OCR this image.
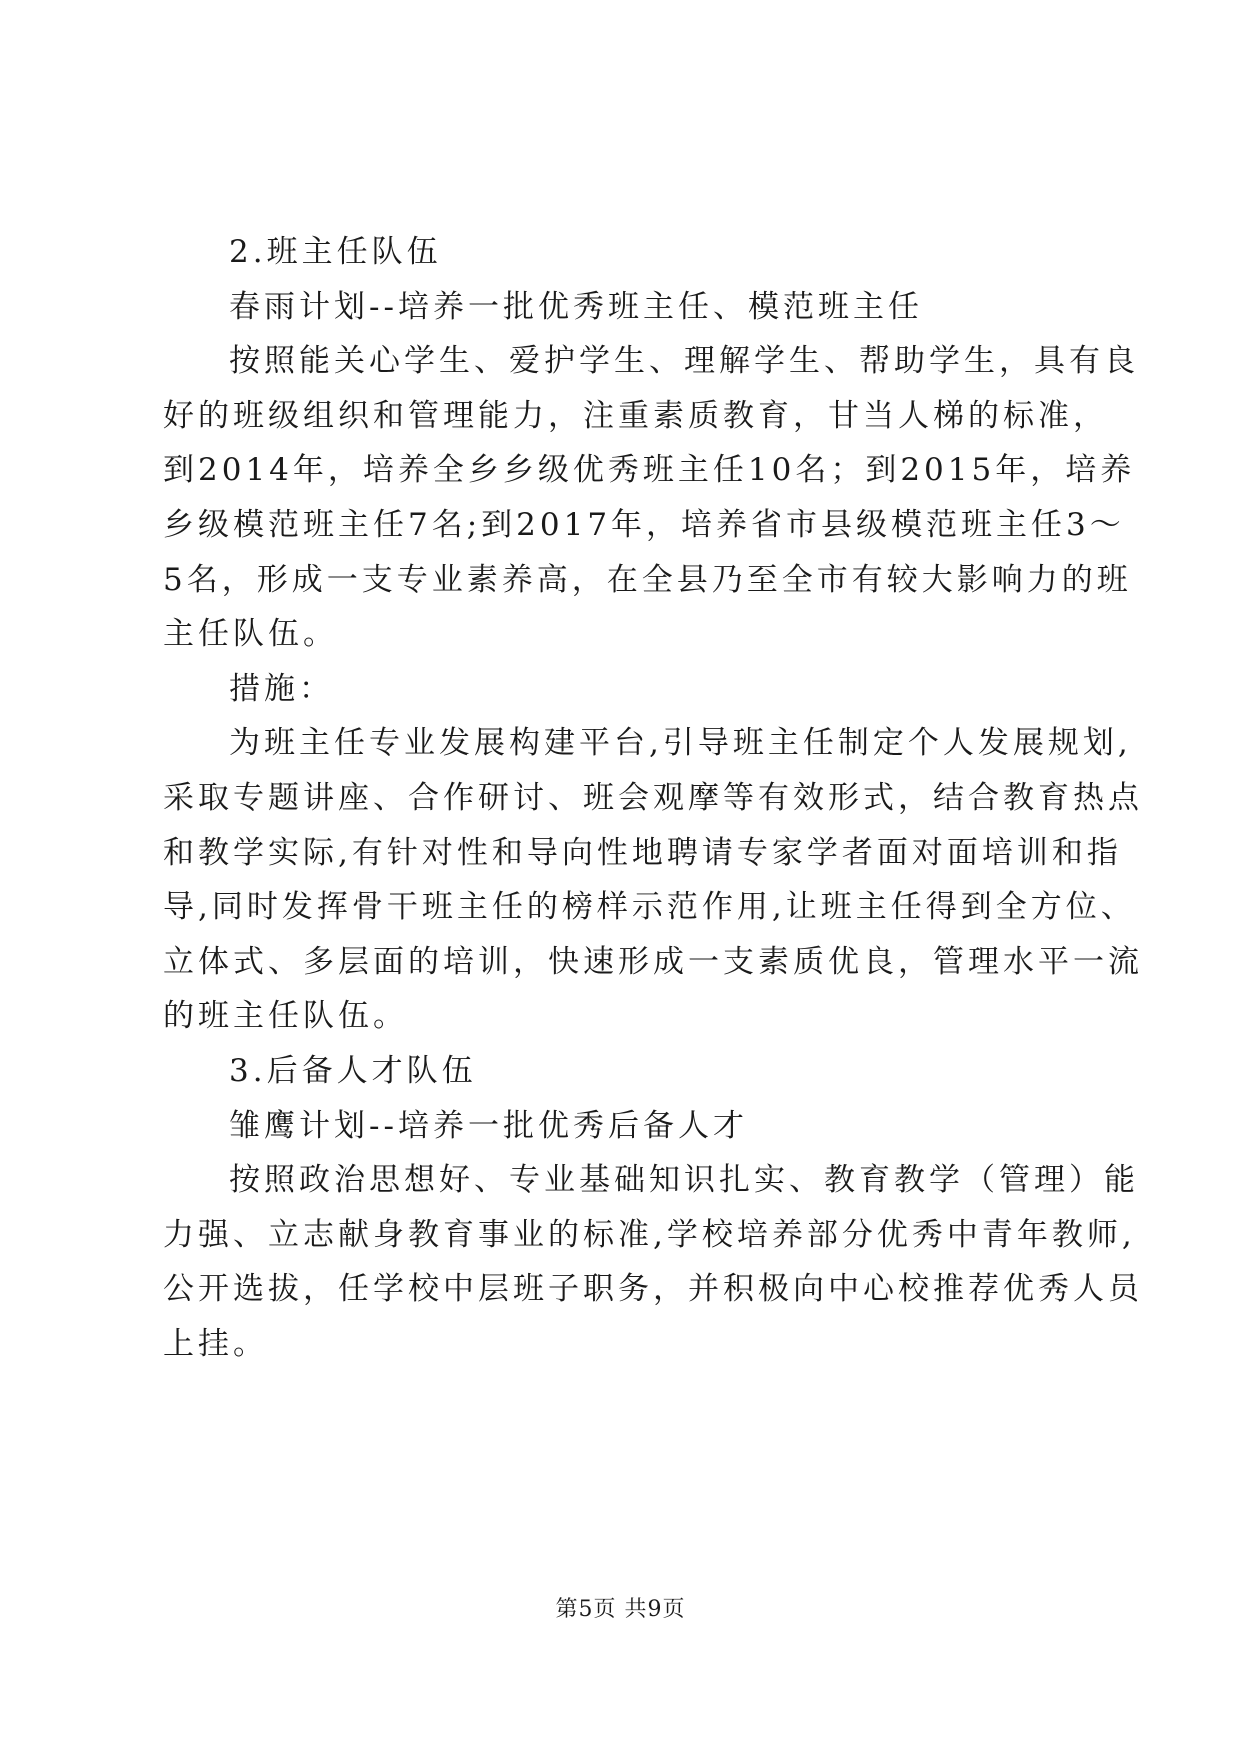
2.班主任队伍
春雨计划--培养一批优秀班主任、模范班主任
按照能关心学生、爱护学生、理解学生、帮助学生，具有良
好的班级组织和管理能力，注重素质教育，甘当人梯的标准，
到2014年，培养全乡乡级优秀班主任10名；到2015年，培养
乡级模范班主任7名;到2017年，培养省市县级模范班主任3～
5名，形成一支专业素养高，在全县乃至全市有较大影响力的班
主任队伍。
措施：
为班主任专业发展构建平台,引导班主任制定个人发展规划,
采取专题讲座、合作研讨、班会观摩等有效形式，结合教育热点
和教学实际,有针对性和导向性地聘请专家学者面对面培训和指
导,同时发挥骨干班主任的榜样示范作用,让班主任得到全方位、
立体式、多层面的培训，快速形成一支素质优良，管理水平一流
的班主任队伍。
3.后备人才队伍
雏鹰计划--培养一批优秀后备人才
按照政治思想好、专业基础知识扎实、教育教学（管理）能
力强、立志献身教育事业的标准,学校培养部分优秀中青年教师,
公开选拔，任学校中层班子职务，并积极向中心校推荐优秀人员
上挂。
第5页 共9页
